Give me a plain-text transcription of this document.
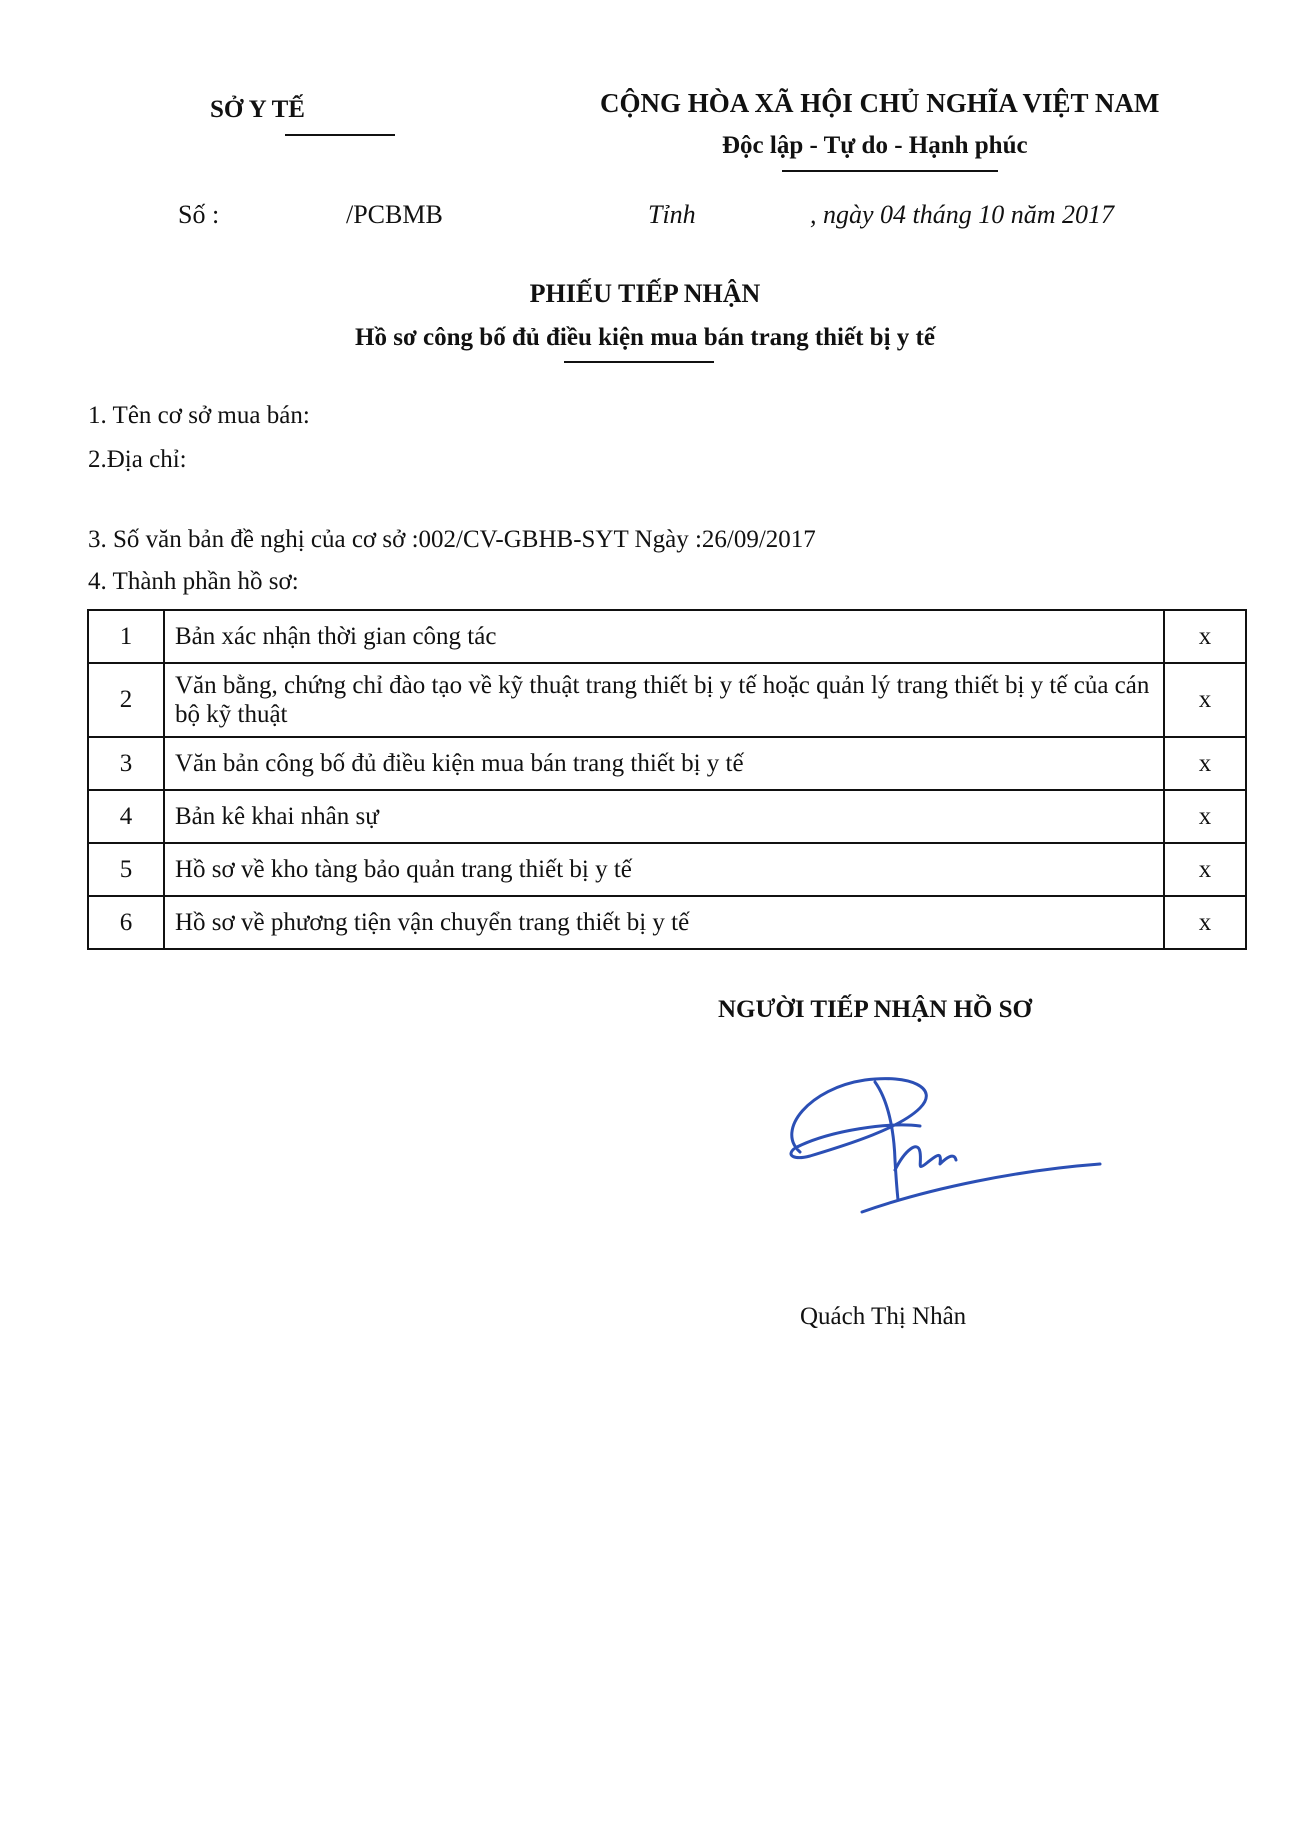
SỞ Y TẾ	CỘNG HÒA XÃ HỘI CHỦ NGHĨA VIỆT NAM
Độc lập - Tự do - Hạnh phúc
Số :	/PCBMB	Tỉnh	, ngày 04 tháng 10 năm 2017
PHIẾU TIẾP NHẬN
Hồ sơ công bố đủ điều kiện mua bán trang thiết bị y tế
1. Tên cơ sở mua bán:
2.Địa chỉ:
3. Số văn bản đề nghị của cơ sở :002/CV-GBHB-SYT Ngày :26/09/2017
4. Thành phần hồ sơ:
1	Bản xác nhận thời gian công tác	x
2	Văn bằng, chứng chỉ đào tạo về kỹ thuật trang thiết bị y tế hoặc quản lý trang thiết bị y tế của cán bộ kỹ thuật	x
3	Văn bản công bố đủ điều kiện mua bán trang thiết bị y tế	x
4	Bản kê khai nhân sự	x
5	Hồ sơ về kho tàng bảo quản trang thiết bị y tế	x
6	Hồ sơ về phương tiện vận chuyển trang thiết bị y tế	x
NGƯỜI TIẾP NHẬN HỒ SƠ
Quách Thị Nhân
